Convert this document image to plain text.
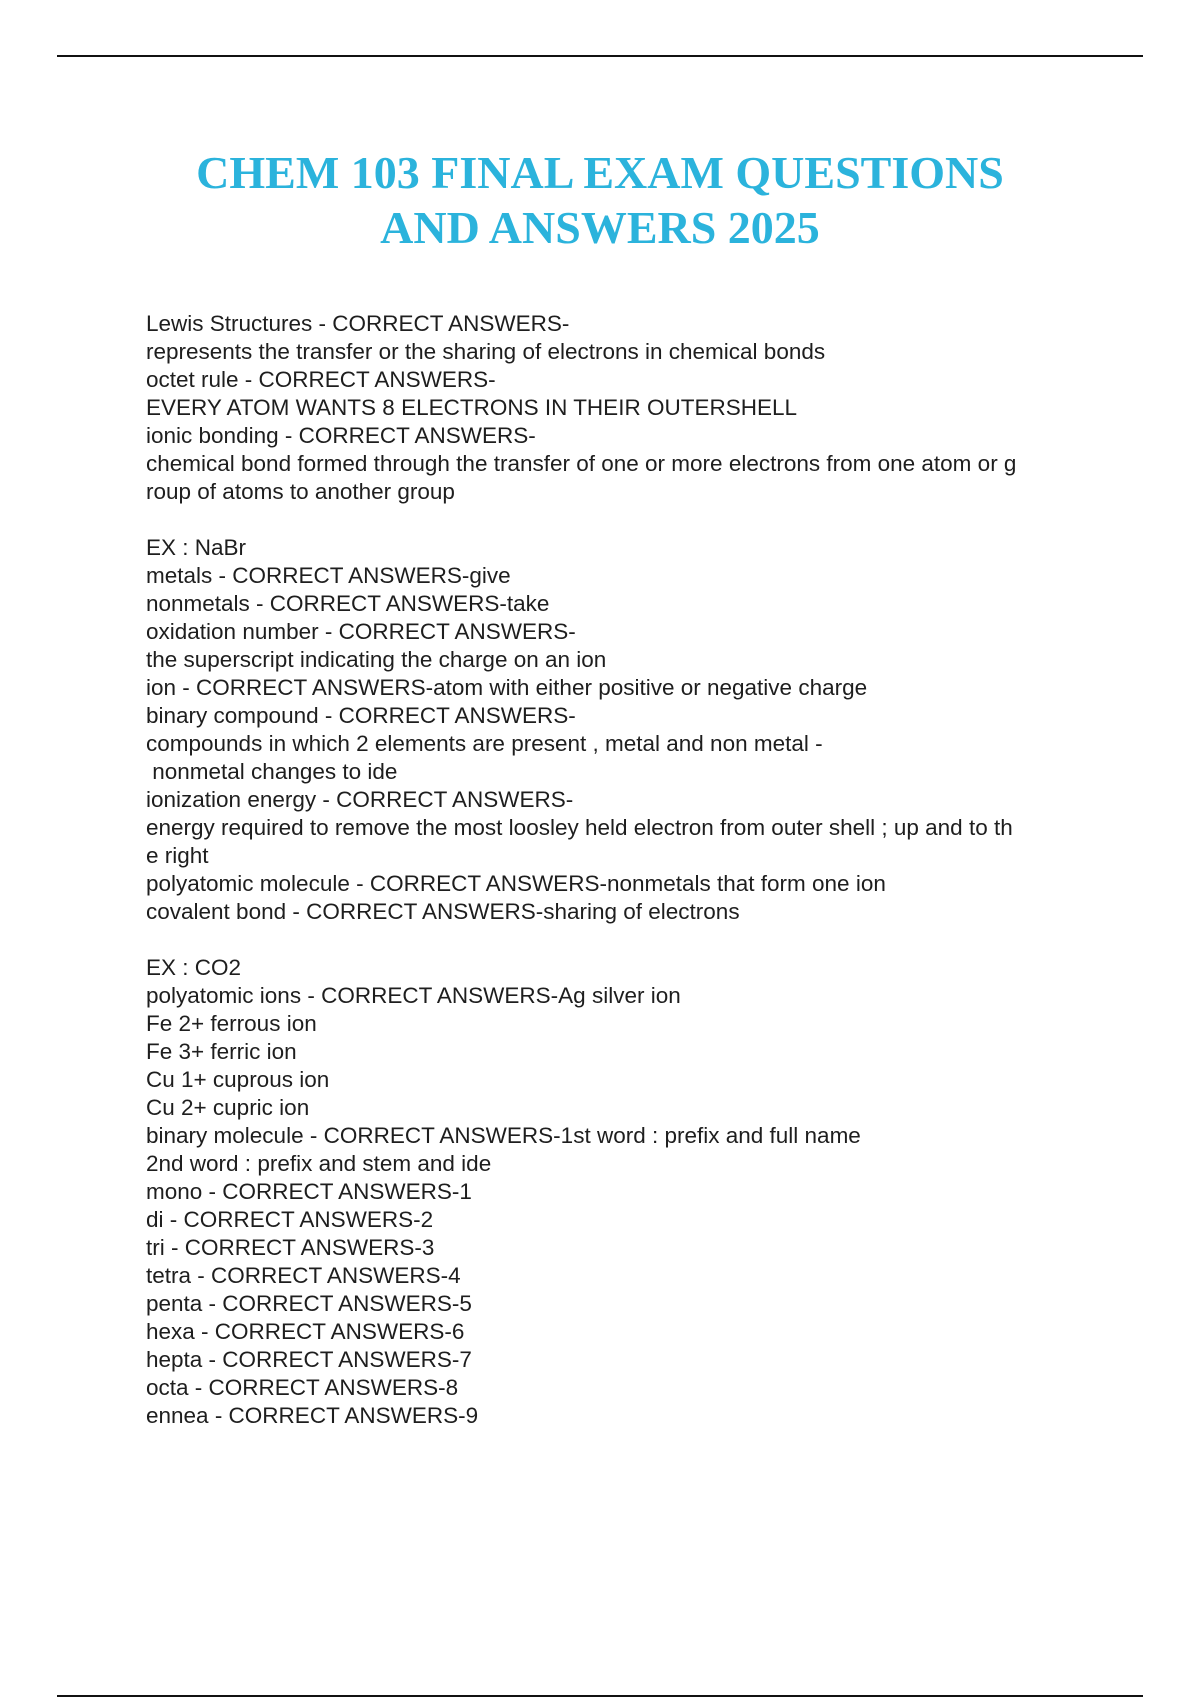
CHEM 103 FINAL EXAM QUESTIONS
AND ANSWERS 2025
Lewis Structures - CORRECT ANSWERS-
represents the transfer or the sharing of electrons in chemical bonds
octet rule - CORRECT ANSWERS-
EVERY ATOM WANTS 8 ELECTRONS IN THEIR OUTERSHELL
ionic bonding - CORRECT ANSWERS-
chemical bond formed through the transfer of one or more electrons from one atom or g
roup of atoms to another group
EX : NaBr
metals - CORRECT ANSWERS-give
nonmetals - CORRECT ANSWERS-take
oxidation number - CORRECT ANSWERS-
the superscript indicating the charge on an ion
ion - CORRECT ANSWERS-atom with either positive or negative charge
binary compound - CORRECT ANSWERS-
compounds in which 2 elements are present , metal and non metal -
nonmetal changes to ide
ionization energy - CORRECT ANSWERS-
energy required to remove the most loosley held electron from outer shell ; up and to th
e right
polyatomic molecule - CORRECT ANSWERS-nonmetals that form one ion
covalent bond - CORRECT ANSWERS-sharing of electrons
EX : CO2
polyatomic ions - CORRECT ANSWERS-Ag silver ion
Fe 2+ ferrous ion
Fe 3+ ferric ion
Cu 1+ cuprous ion
Cu 2+ cupric ion
binary molecule - CORRECT ANSWERS-1st word : prefix and full name
2nd word : prefix and stem and ide
mono - CORRECT ANSWERS-1
di - CORRECT ANSWERS-2
tri - CORRECT ANSWERS-3
tetra - CORRECT ANSWERS-4
penta - CORRECT ANSWERS-5
hexa - CORRECT ANSWERS-6
hepta - CORRECT ANSWERS-7
octa - CORRECT ANSWERS-8
ennea - CORRECT ANSWERS-9
